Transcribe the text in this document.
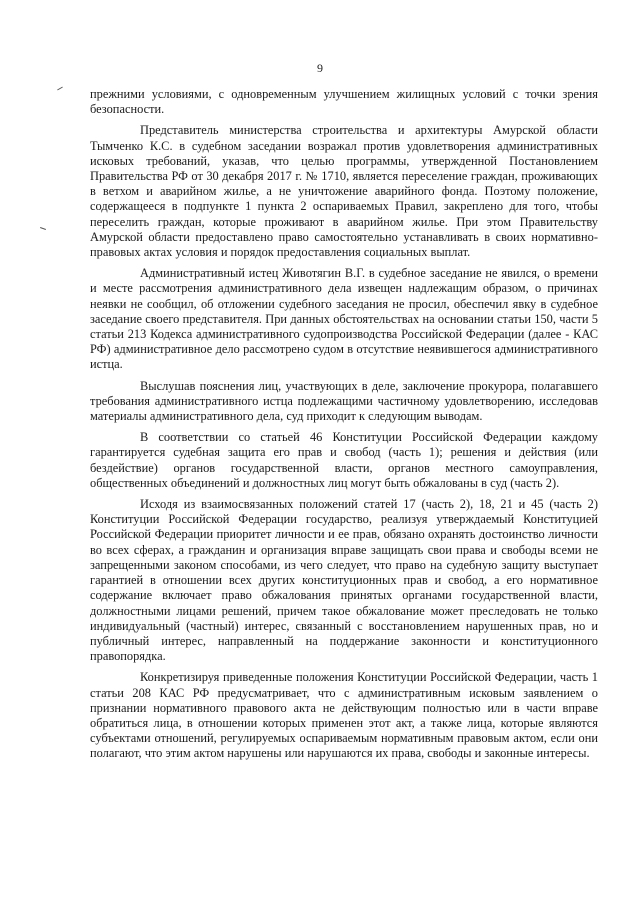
9

прежними условиями, с одновременным улучшением жилищных условий с точки зрения безопасности.

Представитель министерства строительства и архитектуры Амурской области Тымченко К.С. в судебном заседании возражал против удовлетворения административных исковых требований, указав, что целью программы, утвержденной Постановлением Правительства РФ от 30 декабря 2017 г. № 1710, является переселение граждан, проживающих в ветхом и аварийном жилье, а не уничтожение аварийного фонда. Поэтому положение, содержащееся в подпункте 1 пункта 2 оспариваемых Правил, закреплено для того, чтобы переселить граждан, которые проживают в аварийном жилье. При этом Правительству Амурской области предоставлено право самостоятельно устанавливать в своих нормативно-правовых актах условия и порядок предоставления социальных выплат.

Административный истец Животягин В.Г. в судебное заседание не явился, о времени и месте рассмотрения административного дела извещен надлежащим образом, о причинах неявки не сообщил, об отложении судебного заседания не просил, обеспечил явку в судебное заседание своего представителя. При данных обстоятельствах на основании статьи 150, части 5 статьи 213 Кодекса административного судопроизводства Российской Федерации (далее - КАС РФ) административное дело рассмотрено судом в отсутствие неявившегося административного истца.

Выслушав пояснения лиц, участвующих в деле, заключение прокурора, полагавшего требования административного истца подлежащими частичному удовлетворению, исследовав материалы административного дела, суд приходит к следующим выводам.

В соответствии со статьей 46 Конституции Российской Федерации каждому гарантируется судебная защита его прав и свобод (часть 1); решения и действия (или бездействие) органов государственной власти, органов местного самоуправления, общественных объединений и должностных лиц могут быть обжалованы в суд (часть 2).

Исходя из взаимосвязанных положений статей 17 (часть 2), 18, 21 и 45 (часть 2) Конституции Российской Федерации государство, реализуя утверждаемый Конституцией Российской Федерации приоритет личности и ее прав, обязано охранять достоинство личности во всех сферах, а гражданин и организация вправе защищать свои права и свободы всеми не запрещенными законом способами, из чего следует, что право на судебную защиту выступает гарантией в отношении всех других конституционных прав и свобод, а его нормативное содержание включает право обжалования принятых органами государственной власти, должностными лицами решений, причем такое обжалование может преследовать не только индивидуальный (частный) интерес, связанный с восстановлением нарушенных прав, но и публичный интерес, направленный на поддержание законности и конституционного правопорядка.

Конкретизируя приведенные положения Конституции Российской Федерации, часть 1 статьи 208 КАС РФ предусматривает, что с административным исковым заявлением о признании нормативного правового акта не действующим полностью или в части вправе обратиться лица, в отношении которых применен этот акт, а также лица, которые являются субъектами отношений, регулируемых оспариваемым нормативным правовым актом, если они полагают, что этим актом нарушены или нарушаются их права, свободы и законные интересы.
